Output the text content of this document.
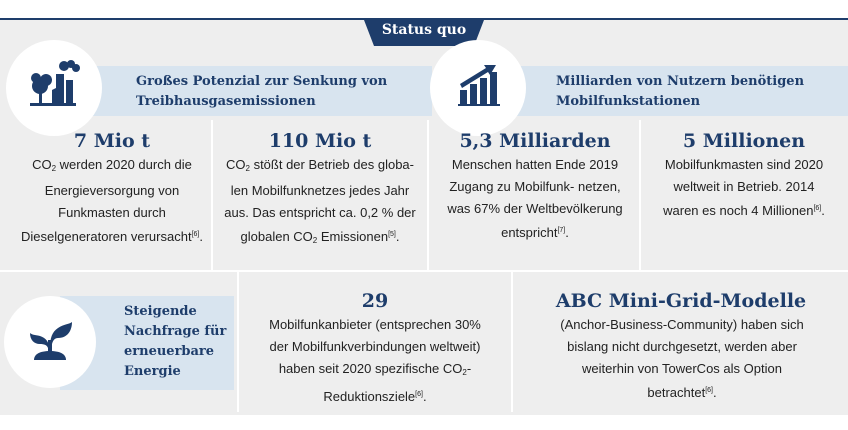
Status quo
Großes Potenzial zur Senkung von Treibhausgasemissionen
Milliarden von Nutzern benötigen Mobilfunkstationen
7 Mio t
$CO_2$ werden 2020 durch die Energieversorgung von Funkmasten durch Dieselgeneratoren verursacht[6].
110 Mio t
$CO_2$ stößt der Betrieb des globa- len Mobilfunknetzes jedes Jahr aus. Das entspricht ca. 0,2 % der globalen $CO_2$ Emissionen[5].
5,3 Milliarden
Menschen hatten Ende 2019 Zugang zu Mobilfunk- netzen, was 67% der Weltbevölkerung entspricht[7].
5 Millionen
Mobilfunkmasten sind 2020 weltweit in Betrieb. 2014 waren es noch 4 Millionen[6].
Steigende Nachfrage für erneuerbare Energie
29
Mobilfunkanbieter (entsprechen 30% der Mobilfunkverbindungen weltweit) haben seit 2020 spezifische $CO_2-Reduktionsziele[6]$.
ABC Mini-Grid-Modelle
(Anchor-Business-Community) haben sich bislang nicht durchgesetzt, werden aber weiterhin von TowerCos als Option betrachtet[6].
